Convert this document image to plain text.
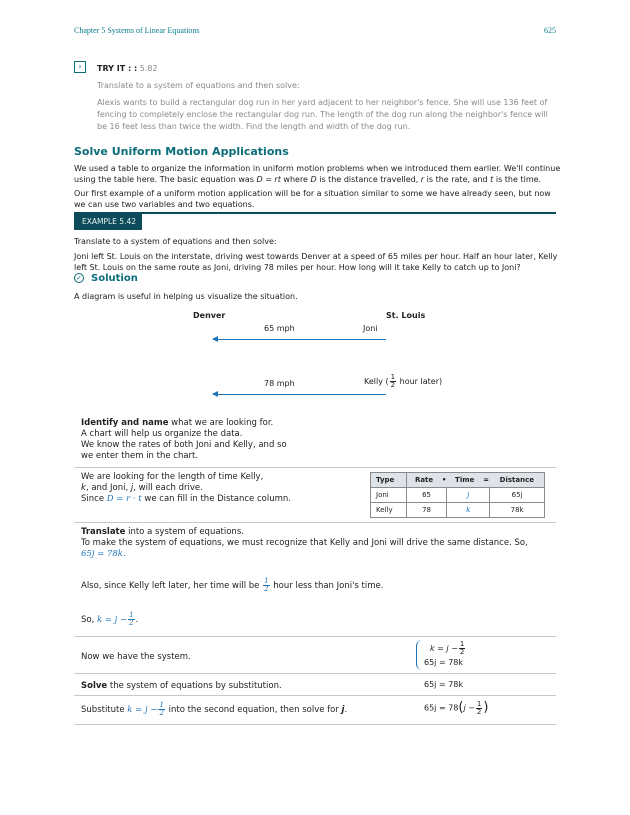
Chapter 5 Systems of Linear Equations	625
› TRY IT : : 5.82
Translate to a system of equations and then solve:
Alexis wants to build a rectangular dog run in her yard adjacent to her neighbor's fence. She will use 136 feet of
fencing to completely enclose the rectangular dog run. The length of the dog run along the neighbor's fence will
be 16 feet less than twice the width. Find the length and width of the dog run.
Solve Uniform Motion Applications
We used a table to organize the information in uniform motion problems when we introduced them earlier. We'll continue
using the table here. The basic equation was D = rt where D is the distance travelled, r is the rate, and t is the time.
Our first example of a uniform motion application will be for a situation similar to some we have already seen, but now
we can use two variables and two equations.
EXAMPLE 5.42
Translate to a system of equations and then solve:
Joni left St. Louis on the interstate, driving west towards Denver at a speed of 65 miles per hour. Half an hour later, Kelly
left St. Louis on the same route as Joni, driving 78 miles per hour. How long will it take Kelly to catch up to Joni?
✓ Solution
A diagram is useful in helping us visualize the situation.
Denver	St. Louis
65 mph	Joni
78 mph	Kelly ( $\frac{1}{2}$ hour later)
Identify and name what we are looking for.
A chart will help us organize the data.
We know the rates of both Joni and Kelly, and so
we enter them in the chart.
We are looking for the length of time Kelly,
k, and Joni, j, will each drive.
Since D = r · t we can fill in the Distance column.
Type	Rate	•	Time	=	Distance
Joni	65		j		65j
Kelly	78		k		78k
Translate into a system of equations.
To make the system of equations, we must recognize that Kelly and Joni will drive the same distance. So,
65j = 78k.
Also, since Kelly left later, her time will be $\frac{1}{2}$ hour less than Joni's time.
So, $k = j - \frac{1}{2}$ .
Now we have the system.
$k = j - \frac{1}{2}$
65j = 78k
Solve the system of equations by substitution.	65j = 78k
Substitute $k = j - \frac{1}{2}$ into the second equation, then solve for j.	$65j = 78(j - \frac{1}{2}$ )
